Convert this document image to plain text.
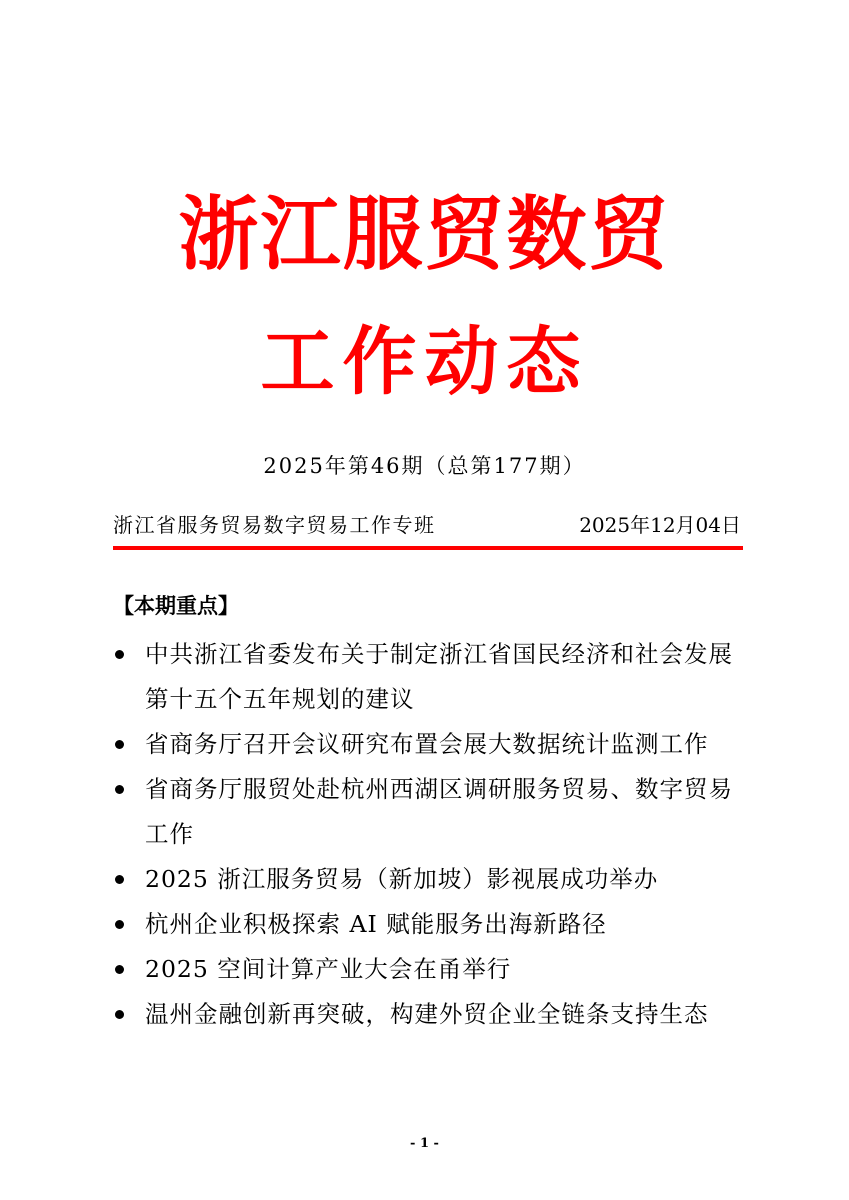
浙江服贸数贸
工作动态
2025年第46期（总第177期）
浙江省服务贸易数字贸易工作专班	2025年12月04日
【本期重点】
中共浙江省委发布关于制定浙江省国民经济和社会发展第十五个五年规划的建议
省商务厅召开会议研究布置会展大数据统计监测工作
省商务厅服贸处赴杭州西湖区调研服务贸易、数字贸易工作
2025 浙江服务贸易（新加坡）影视展成功举办
杭州企业积极探索 AI 赋能服务出海新路径
2025 空间计算产业大会在甬举行
温州金融创新再突破，构建外贸企业全链条支持生态
- 1 -
